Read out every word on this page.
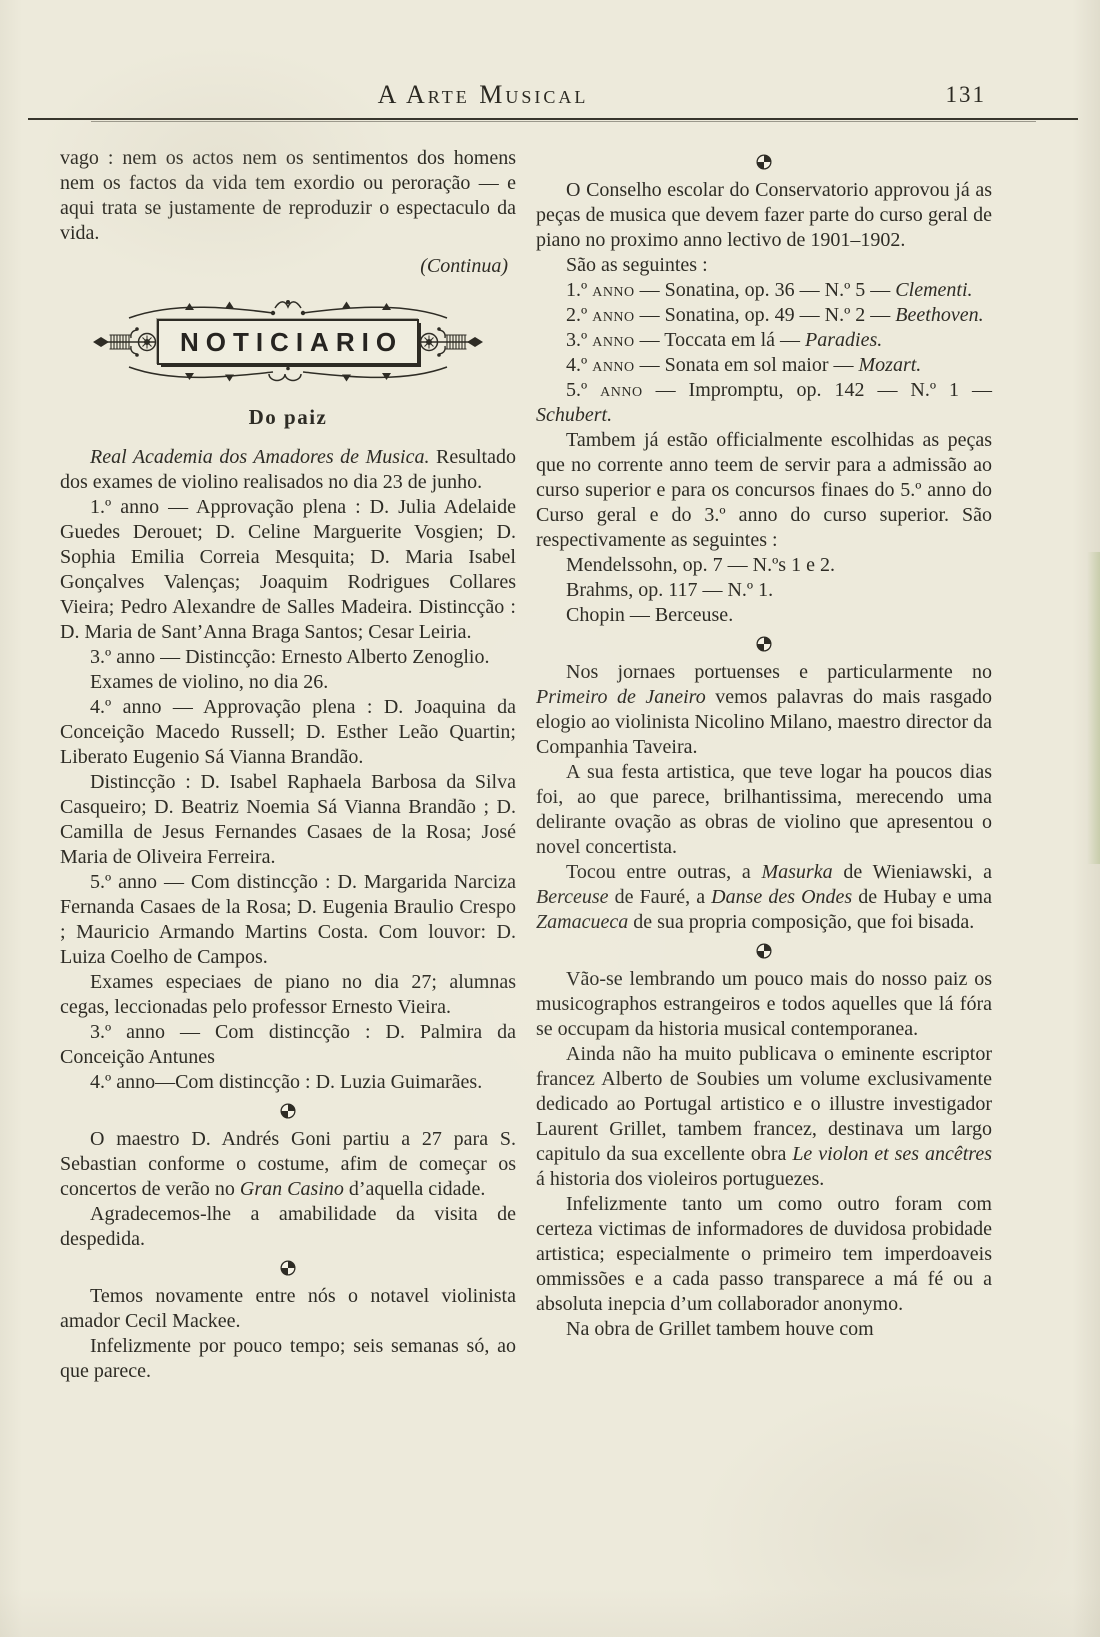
A Arte Musical	131

vago : nem os actos nem os sentimentos dos homens nem os factos da vida tem exordio ou peroração — e aqui trata se justamente de reproduzir o espectaculo da vida.

(Continua)

NOTICIARIO
Do paiz

Real Academia dos Amadores de Musica. Resultado dos exames de violino realisados no dia 23 de junho.

1.º anno — Approvação plena : D. Julia Adelaide Guedes Derouet; D. Celine Marguerite Vosgien; D. Sophia Emilia Correia Mesquita; D. Maria Isabel Gonçalves Valenças; Joaquim Rodrigues Collares Vieira; Pedro Alexandre de Salles Madeira. Distincção : D. Maria de Sant’Anna Braga Santos; Cesar Leiria.

3.º anno — Distincção: Ernesto Alberto Zenoglio.

Exames de violino, no dia 26.

4.º anno — Approvação plena : D. Joaquina da Conceição Macedo Russell; D. Esther Leão Quartin; Liberato Eugenio Sá Vianna Brandão.

Distincção : D. Isabel Raphaela Barbosa da Silva Casqueiro; D. Beatriz Noemia Sá Vianna Brandão ; D. Camilla de Jesus Fernandes Casaes de la Rosa; José Maria de Oliveira Ferreira.

5.º anno — Com distincção : D. Margarida Narciza Fernanda Casaes de la Rosa; D. Eugenia Braulio Crespo ; Mauricio Armando Martins Costa. Com louvor: D. Luiza Coelho de Campos.

Exames especiaes de piano no dia 27; alumnas cegas, leccionadas pelo professor Ernesto Vieira.

3.º anno — Com distincção : D. Palmira da Conceição Antunes

4.º anno—Com distincção : D. Luzia Guimarães.

O maestro D. Andrés Goni partiu a 27 para S. Sebastian conforme o costume, afim de começar os concertos de verão no Gran Casino d’aquella cidade.

Agradecemos-lhe a amabilidade da visita de despedida.

Temos novamente entre nós o notavel violinista amador Cecil Mackee.

Infelizmente por pouco tempo; seis semanas só, ao que parece.

O Conselho escolar do Conservatorio approvou já as peças de musica que devem fazer parte do curso geral de piano no proximo anno lectivo de 1901–1902.

São as seguintes :

1.º anno — Sonatina, op. 36 — N.º 5 — Clementi.

2.º anno — Sonatina, op. 49 — N.º 2 — Beethoven.

3.º anno — Toccata em lá — Paradies.

4.º anno — Sonata em sol maior — Mozart.

5.º anno — Impromptu, op. 142 — N.º 1 — Schubert.

Tambem já estão officialmente escolhidas as peças que no corrente anno teem de servir para a admissão ao curso superior e para os concursos finaes do 5.º anno do Curso geral e do 3.º anno do curso superior. São respectivamente as seguintes :

Mendelssohn, op. 7 — N.ºs 1 e 2.

Brahms, op. 117 — N.º 1.

Chopin — Berceuse.

Nos jornaes portuenses e particularmente no Primeiro de Janeiro vemos palavras do mais rasgado elogio ao violinista Nicolino Milano, maestro director da Companhia Taveira.

A sua festa artistica, que teve logar ha poucos dias foi, ao que parece, brilhantissima, merecendo uma delirante ovação as obras de violino que apresentou o novel concertista.

Tocou entre outras, a Masurka de Wieniawski, a Berceuse de Fauré, a Danse des Ondes de Hubay e uma Zamacueca de sua propria composição, que foi bisada.

Vão-se lembrando um pouco mais do nosso paiz os musicographos estrangeiros e todos aquelles que lá fóra se occupam da historia musical contemporanea.

Ainda não ha muito publicava o eminente escriptor francez Alberto de Soubies um volume exclusivamente dedicado ao Portugal artistico e o illustre investigador Laurent Grillet, tambem francez, destinava um largo capitulo da sua excellente obra Le violon et ses ancêtres á historia dos violeiros portuguezes.

Infelizmente tanto um como outro foram com certeza victimas de informadores de duvidosa probidade artistica; especialmente o primeiro tem imperdoaveis ommissões e a cada passo transparece a má fé ou a absoluta inepcia d’um collaborador anonymo.

Na obra de Grillet tambem houve com
